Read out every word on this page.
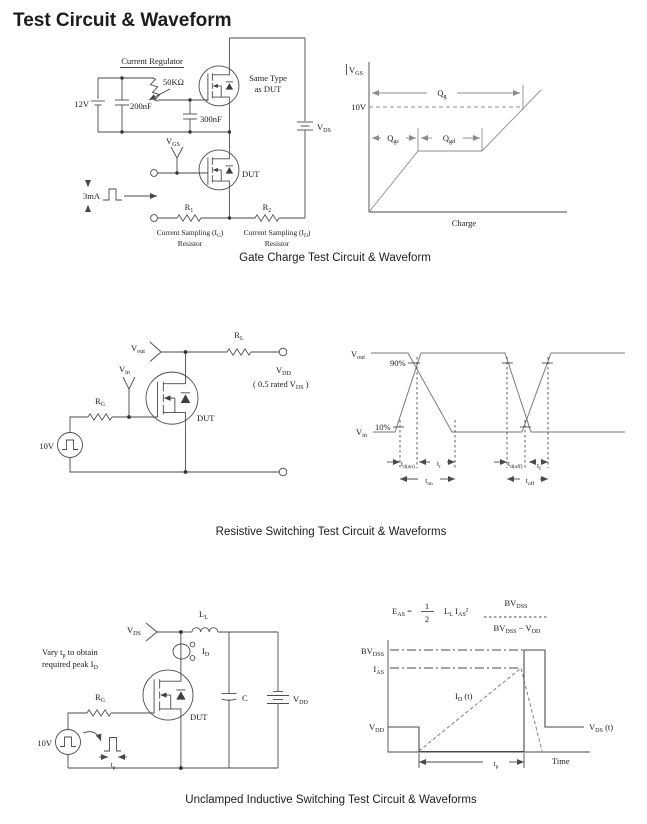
Test Circuit & Waveform
Current Regulator
12V	200nF
50KΩ
300nF
Same Type
as DUT
$V_{DS}$
$V_{GS}$
DUT
3mA
$R_1$	$R_2$
Current Sampling $(I_G)$
Resistor
Current Sampling $(I_D)$
Resistor
$V_{GS}$
10V
$Q_g$
$Q_{gs}$	$Q_{gd}$
Charge
Gate Charge Test Circuit & Waveform
$V_{out}$
$R_L$
$V_{in}$	$V_{DD}$
( 0.5 rated $V_{DS}$ )
$R_G$
DUT
10V
$V_{out}$	90%
$V_{in}$
10%
$t_{d(on)}$	$t_r$
$t_{on}$
$t_{d(off)}$ $t_f$
$t_{off}$
Resistive Switching Test Circuit & Waveforms
$L_L$
$V_{DS}$
$I_D$
Vary $t_p$ to obtain
required peak $I_D$
$R_G$
DUT
C	$V_{DD}$
10V
$t_p$
$E_{AS} = 1$
2
$L_L$ $I_{AS}^2$
$BV_{DSS}$
$BV_{DSS} - V_{DD}$
$BV_{DSS}$
$I_{AS}$
$V_{DD}$
$I_D$ (t)
$V_{DS}$ (t)
$t_p$
Time
Unclamped Inductive Switching Test Circuit & Waveforms
